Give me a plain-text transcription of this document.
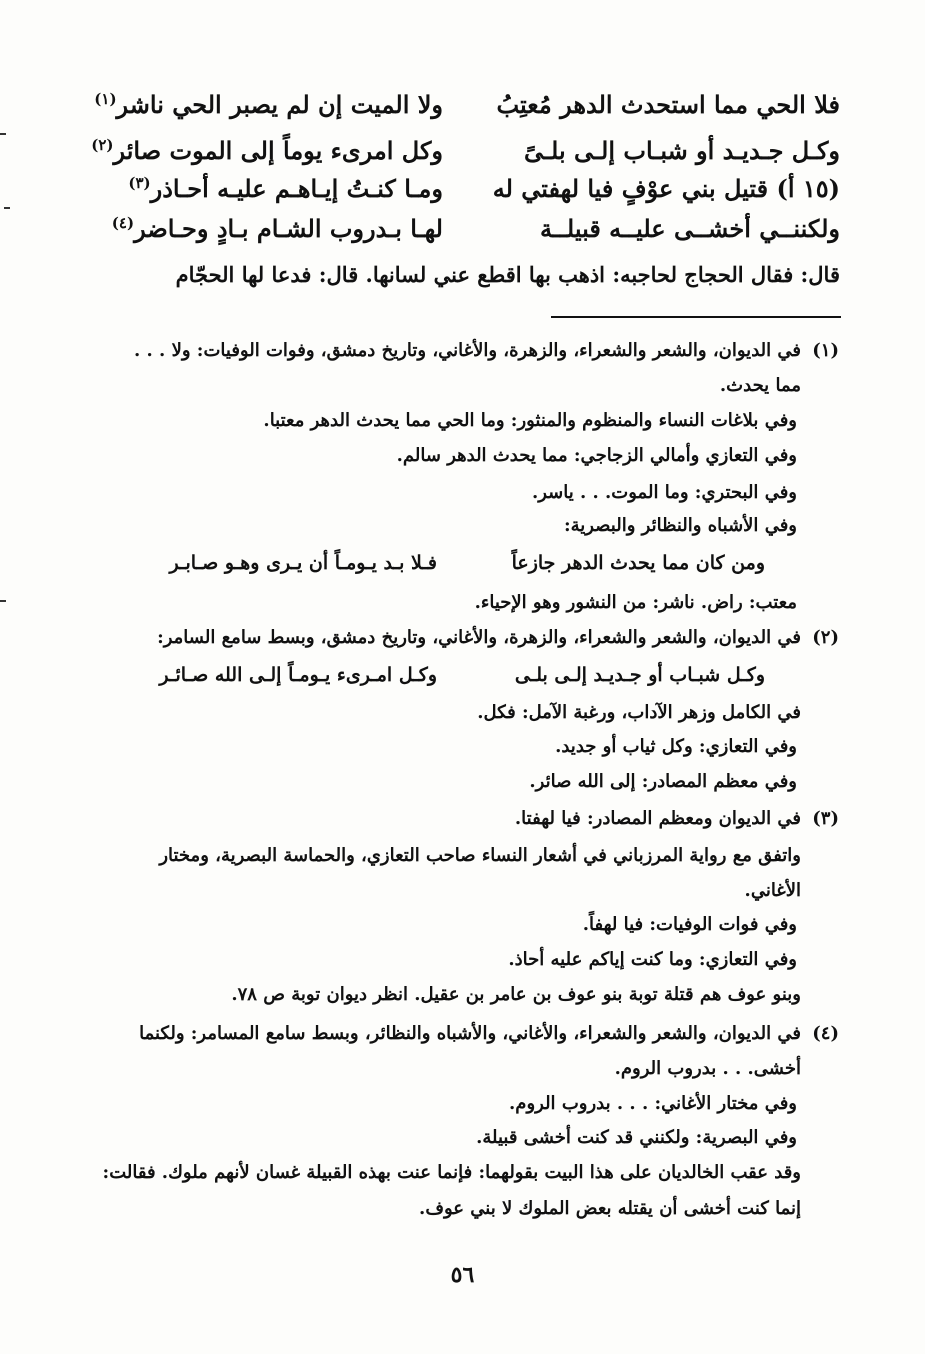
فلا الحي مما استحدث الدهر مُعتِبُ
ولا الميت إن لم يصبر الحي ناشر$^{(١)}$
وكـل جـديـد أو شبـاب إلـى بلـىً
وكل امرىء يوماً إلى الموت صائر$^{(٢)}$
(١٥ أ) قتيل بني عوْفٍ فيا لهفتي له
ومـا كنـتُ إيـاهـم عليـه أحـاذر$^{(٣)}$
ولكننــي أخشــى عليــه قبيلــة
لهـا بـدروب الشـام بـادٍ وحـاضر$^{(٤)}$
قال: فقال الحجاج لحاجبه: اذهب بها اقطع عني لسانها. قال: فدعا لها الحجّام
(١)
في الديوان، والشعر والشعراء، والزهرة، والأغاني، وتاريخ دمشق، وفوات الوفيات: ولا . . .
مما يحدث.
وفي بلاغات النساء والمنظوم والمنثور: وما الحي مما يحدث الدهر معتبا.
وفي التعازي وأمالي الزجاجي: مما يحدث الدهر سالم.
وفي البحتري: وما الموت. . . ياسر.
وفي الأشباه والنظائر والبصرية:
ومن كان مما يحدث الدهر جازعاً
فـلا بـد يـومـاً أن يـرى وهـو صـابـر
معتب: راض. ناشر: من النشور وهو الإحياء.
(٢)
في الديوان، والشعر والشعراء، والزهرة، والأغاني، وتاريخ دمشق، وبسط سامع السامر:
وكـل شبـاب أو جـديـد إلـى بلـى
وكـل امـرىء يـومـاً إلـى الله صـائـر
في الكامل وزهر الآداب، ورغبة الآمل: فكل.
وفي التعازي: وكل ثياب أو جديد.
وفي معظم المصادر: إلى الله صائر.
(٣)
في الديوان ومعظم المصادر: فيا لهفتا.
واتفق مع رواية المرزباني في أشعار النساء صاحب التعازي، والحماسة البصرية، ومختار
الأغاني.
وفي فوات الوفيات: فيا لهفاً.
وفي التعازي: وما كنت إياكم عليه أحاذ.
وبنو عوف هم قتلة توبة بنو عوف بن عامر بن عقيل. انظر ديوان توبة ص ٧٨.
(٤)
في الديوان، والشعر والشعراء، والأغاني، والأشباه والنظائر، وبسط سامع المسامر: ولكنما
أخشى. . . بدروب الروم.
وفي مختار الأغاني: . . . بدروب الروم.
وفي البصرية: ولكنني قد كنت أخشى قبيلة.
وقد عقب الخالديان على هذا البيت بقولهما: فإنما عنت بهذه القبيلة غسان لأنهم ملوك. فقالت:
إنما كنت أخشى أن يقتله بعض الملوك لا بني عوف.
٥٦
